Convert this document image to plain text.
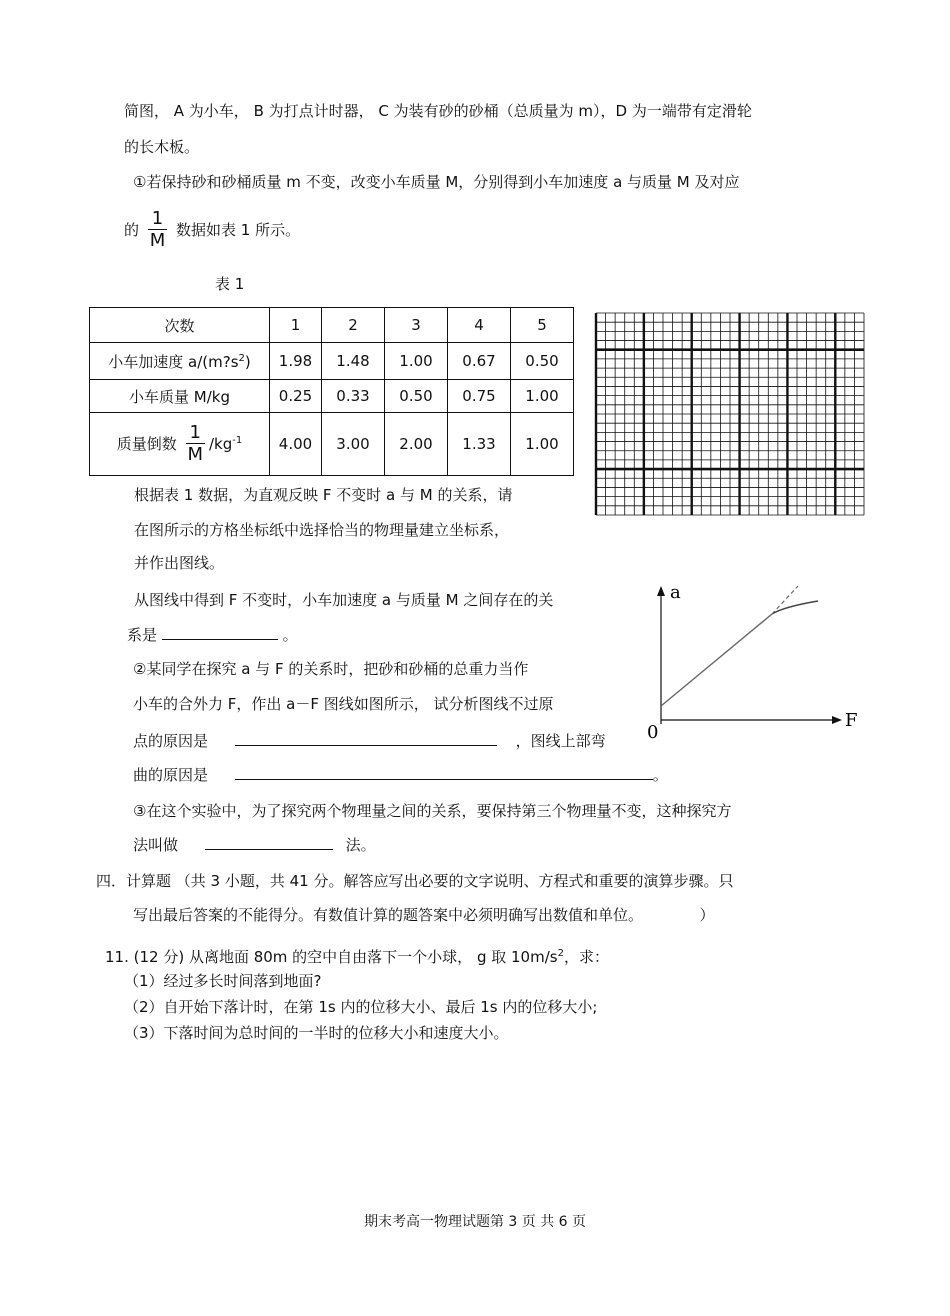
简图， A 为小车， B 为打点计时器， C 为装有砂的砂桶（总质量为 m），D 为一端带有定滑轮
的长木板。
①若保持砂和砂桶质量 m 不变，改变小车质量 M，分别得到小车加速度 a 与质量 M 及对应
的 $\frac{1}{M}$ 数据如表 1 所示。
表 1
次数	1	2	3	4	5
小车加速度 $a/(m?s^2)$	1.98	1.48	1.00	0.67	0.50
小车质量 M/kg	0.25	0.33	0.50	0.75	1.00
质量倒数 $\frac{1}{M} /kg^{-1}$	4.00	3.00	2.00	1.33	1.00
根据表 1 数据，为直观反映 F 不变时 a 与 M 的关系，请
在图所示的方格坐标纸中选择恰当的物理量建立坐标系，
并作出图线。
从图线中得到 F 不变时，小车加速度 a 与质量 M 之间存在的关
系是	。
②某同学在探究 a 与 F 的关系时，把砂和砂桶的总重力当作
小车的合外力 F，作出 a－F 图线如图所示， 试分析图线不过原
点的原因是	，图线上部弯
曲的原因是	。
③在这个实验中，为了探究两个物理量之间的关系，要保持第三个物理量不变，这种探究方
法叫做	法。
a
F
0
四．计算题 （共 3 小题，共 41 分。解答应写出必要的文字说明、方程式和重要的演算步骤。只
写出最后答案的不能得分。有数值计算的题答案中必须明确写出数值和单位。	）
11. (12 分) 从离地面 80m 的空中自由落下一个小球， g 取 $10m/s^2$，求：
（1）经过多长时间落到地面?
（2）自开始下落计时，在第 1s 内的位移大小、最后 1s 内的位移大小;
（3）下落时间为总时间的一半时的位移大小和速度大小。
期末考高一物理试题第 3 页 共 6 页
